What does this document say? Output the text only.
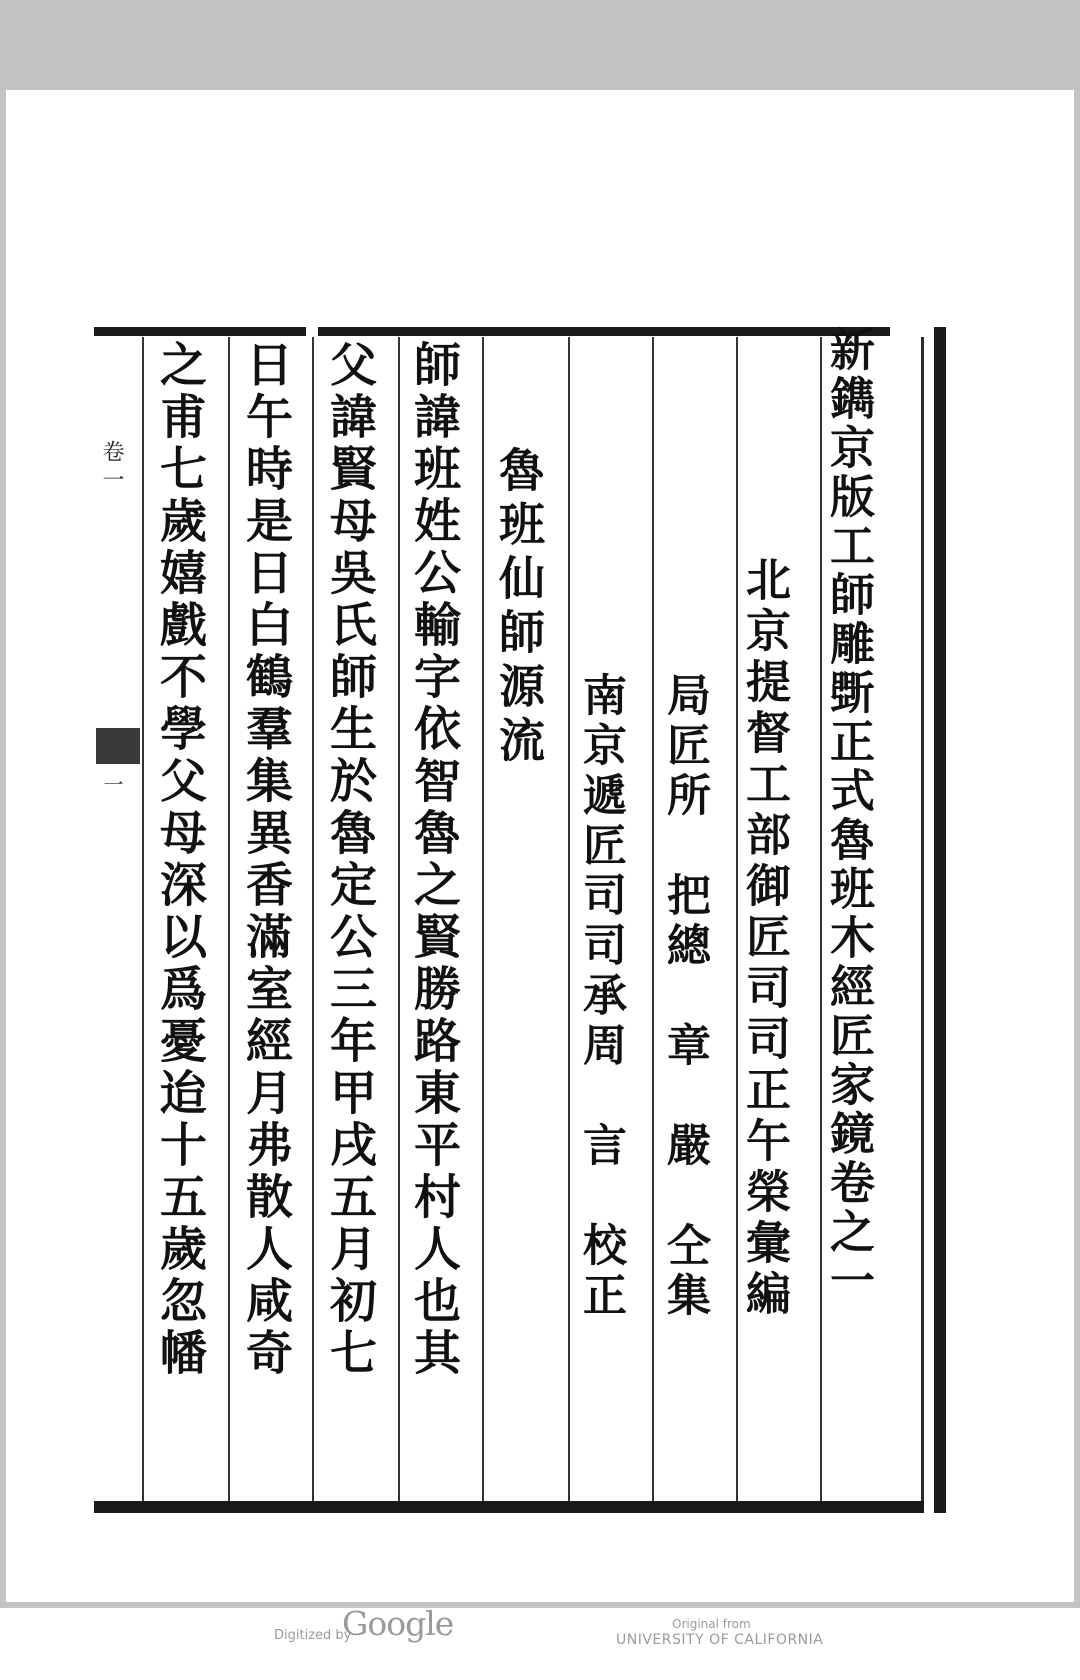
新鐫京版工師雕斲正式魯班木經匠家鏡卷之一
北京提督工部御匠司司正午榮彙編
局匠所　把總　章　嚴　仝集
南京遞匠司司承周　言　校正
魯班仙師源流
師諱班姓公輸字依智魯之賢勝路東平村人也其
父諱賢母吳氏師生於魯定公三年甲戌五月初七
日午時是日白鶴羣集異香滿室經月弗散人咸奇
之甫七歲嬉戲不學父母深以爲憂迨十五歲忽幡
卷一
一
Digitized by
Google	Original from
UNIVERSITY OF CALIFORNIA
